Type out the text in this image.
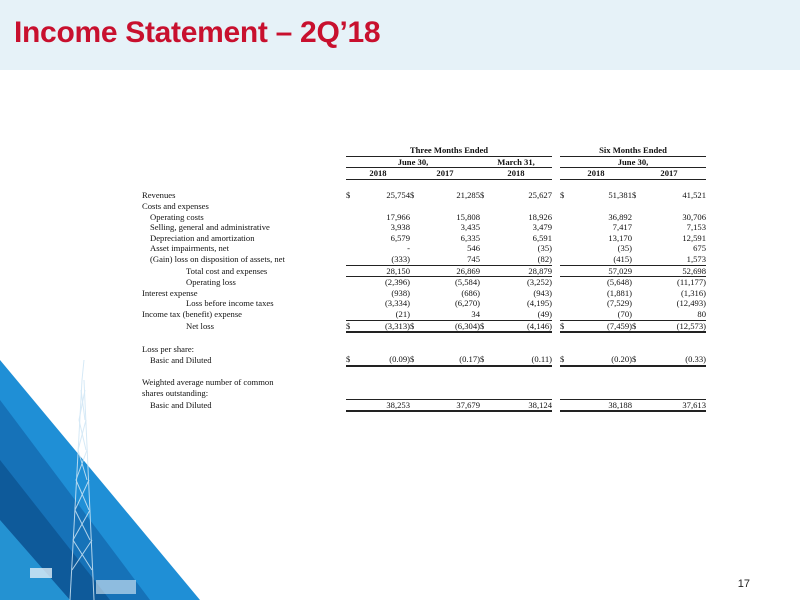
Income Statement – 2Q’18
	Three Months Ended							Six Months Ended			
	June 30,				March 31,			June 30,			
	2018		2017		2018			2018		2017	

Revenues	$	25,754	$	21,285	$	25,627		$	51,381	$	41,521
Costs and expenses											
Operating costs		17,966		15,808		18,926			36,892		30,706
Selling, general and administrative		3,938		3,435		3,479			7,417		7,153
Depreciation and amortization		6,579		6,335		6,591			13,170		12,591
Asset impairments, net		-		546		(35)			(35)		675
(Gain) loss on disposition of assets, net		(333)		745		(82)			(415)		1,573
Total cost and expenses		28,150		26,869		28,879			57,029		52,698
Operating loss		(2,396)		(5,584)		(3,252)			(5,648)		(11,177)
Interest expense		(938)		(686)		(943)			(1,881)		(1,316)
Loss before income taxes		(3,334)		(6,270)		(4,195)			(7,529)		(12,493)
Income tax (benefit) expense		(21)		34		(49)			(70)		80
Net loss	$	(3,313)	$	(6,304)	$	(4,146)		$	(7,459)	$	(12,573)

Loss per share:											
Basic and Diluted	$	(0.09)	$	(0.17)	$	(0.11)		$	(0.20)	$	(0.33)

Weighted average number of common											
shares outstanding:											
Basic and Diluted		38,253		37,679		38,124			38,188		37,613
17
